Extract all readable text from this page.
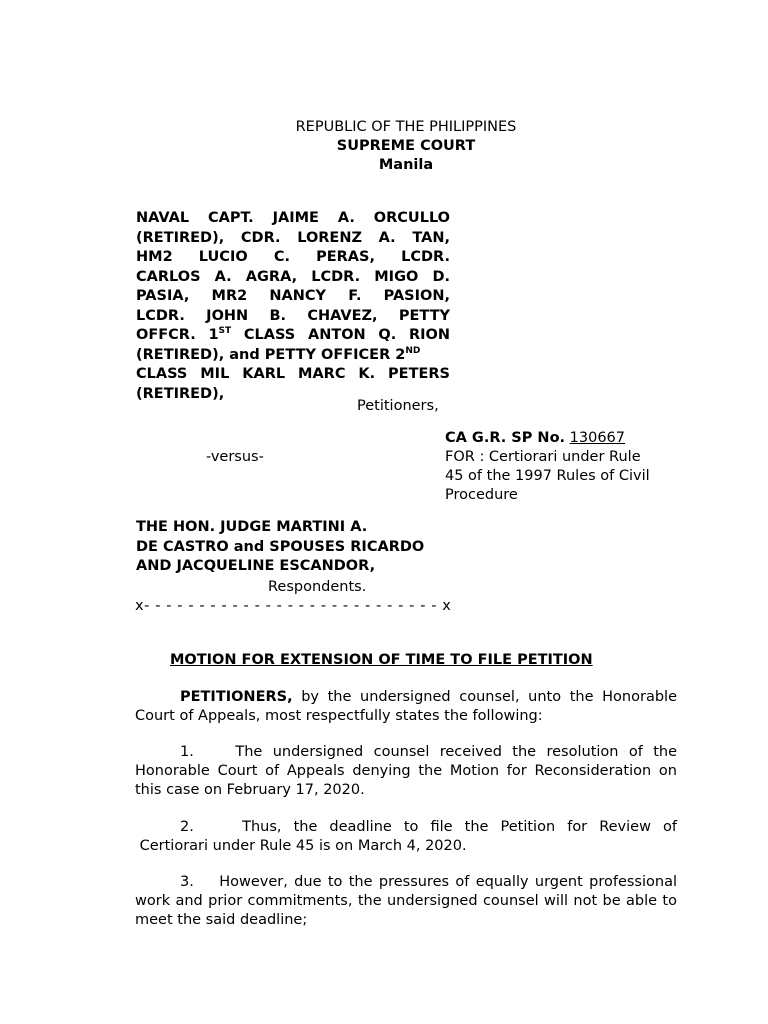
REPUBLIC OF THE PHILIPPINES
SUPREME COURT
Manila
NAVAL CAPT. JAIME A. ORCULLO
(RETIRED), CDR. LORENZ A. TAN,
HM2 LUCIO C. PERAS, LCDR.
CARLOS A. AGRA, LCDR. MIGO D.
PASIA, MR2 NANCY F. PASION,
LCDR. JOHN B. CHAVEZ, PETTY
OFFCR. 1ST CLASS ANTON Q. RION
(RETIRED), and PETTY OFFICER 2ND
CLASS MIL KARL MARC K. PETERS
(RETIRED),
Petitioners,
CA G.R. SP No. 130667
-versus-	FOR : Certiorari under Rule
45 of the 1997 Rules of Civil
Procedure
THE HON. JUDGE MARTINI A.
DE CASTRO and SPOUSES RICARDO
AND JACQUELINE ESCANDOR,
Respondents.
x- - - - - - - - - - - - - - - - - - - - - - - - - - - x
MOTION FOR EXTENSION OF TIME TO FILE PETITION
PETITIONERS, by the undersigned counsel, unto the Honorable Court of Appeals, most respectfully states the following:
1.    The undersigned counsel received the resolution of the Honorable Court of Appeals denying the Motion for Reconsideration on this case on February 17, 2020.
2.    Thus, the deadline to file the Petition for Review of
Certiorari under Rule 45 is on March 4, 2020.
3.    However, due to the pressures of equally urgent professional work and prior commitments, the undersigned counsel will not be able to meet the said deadline;
